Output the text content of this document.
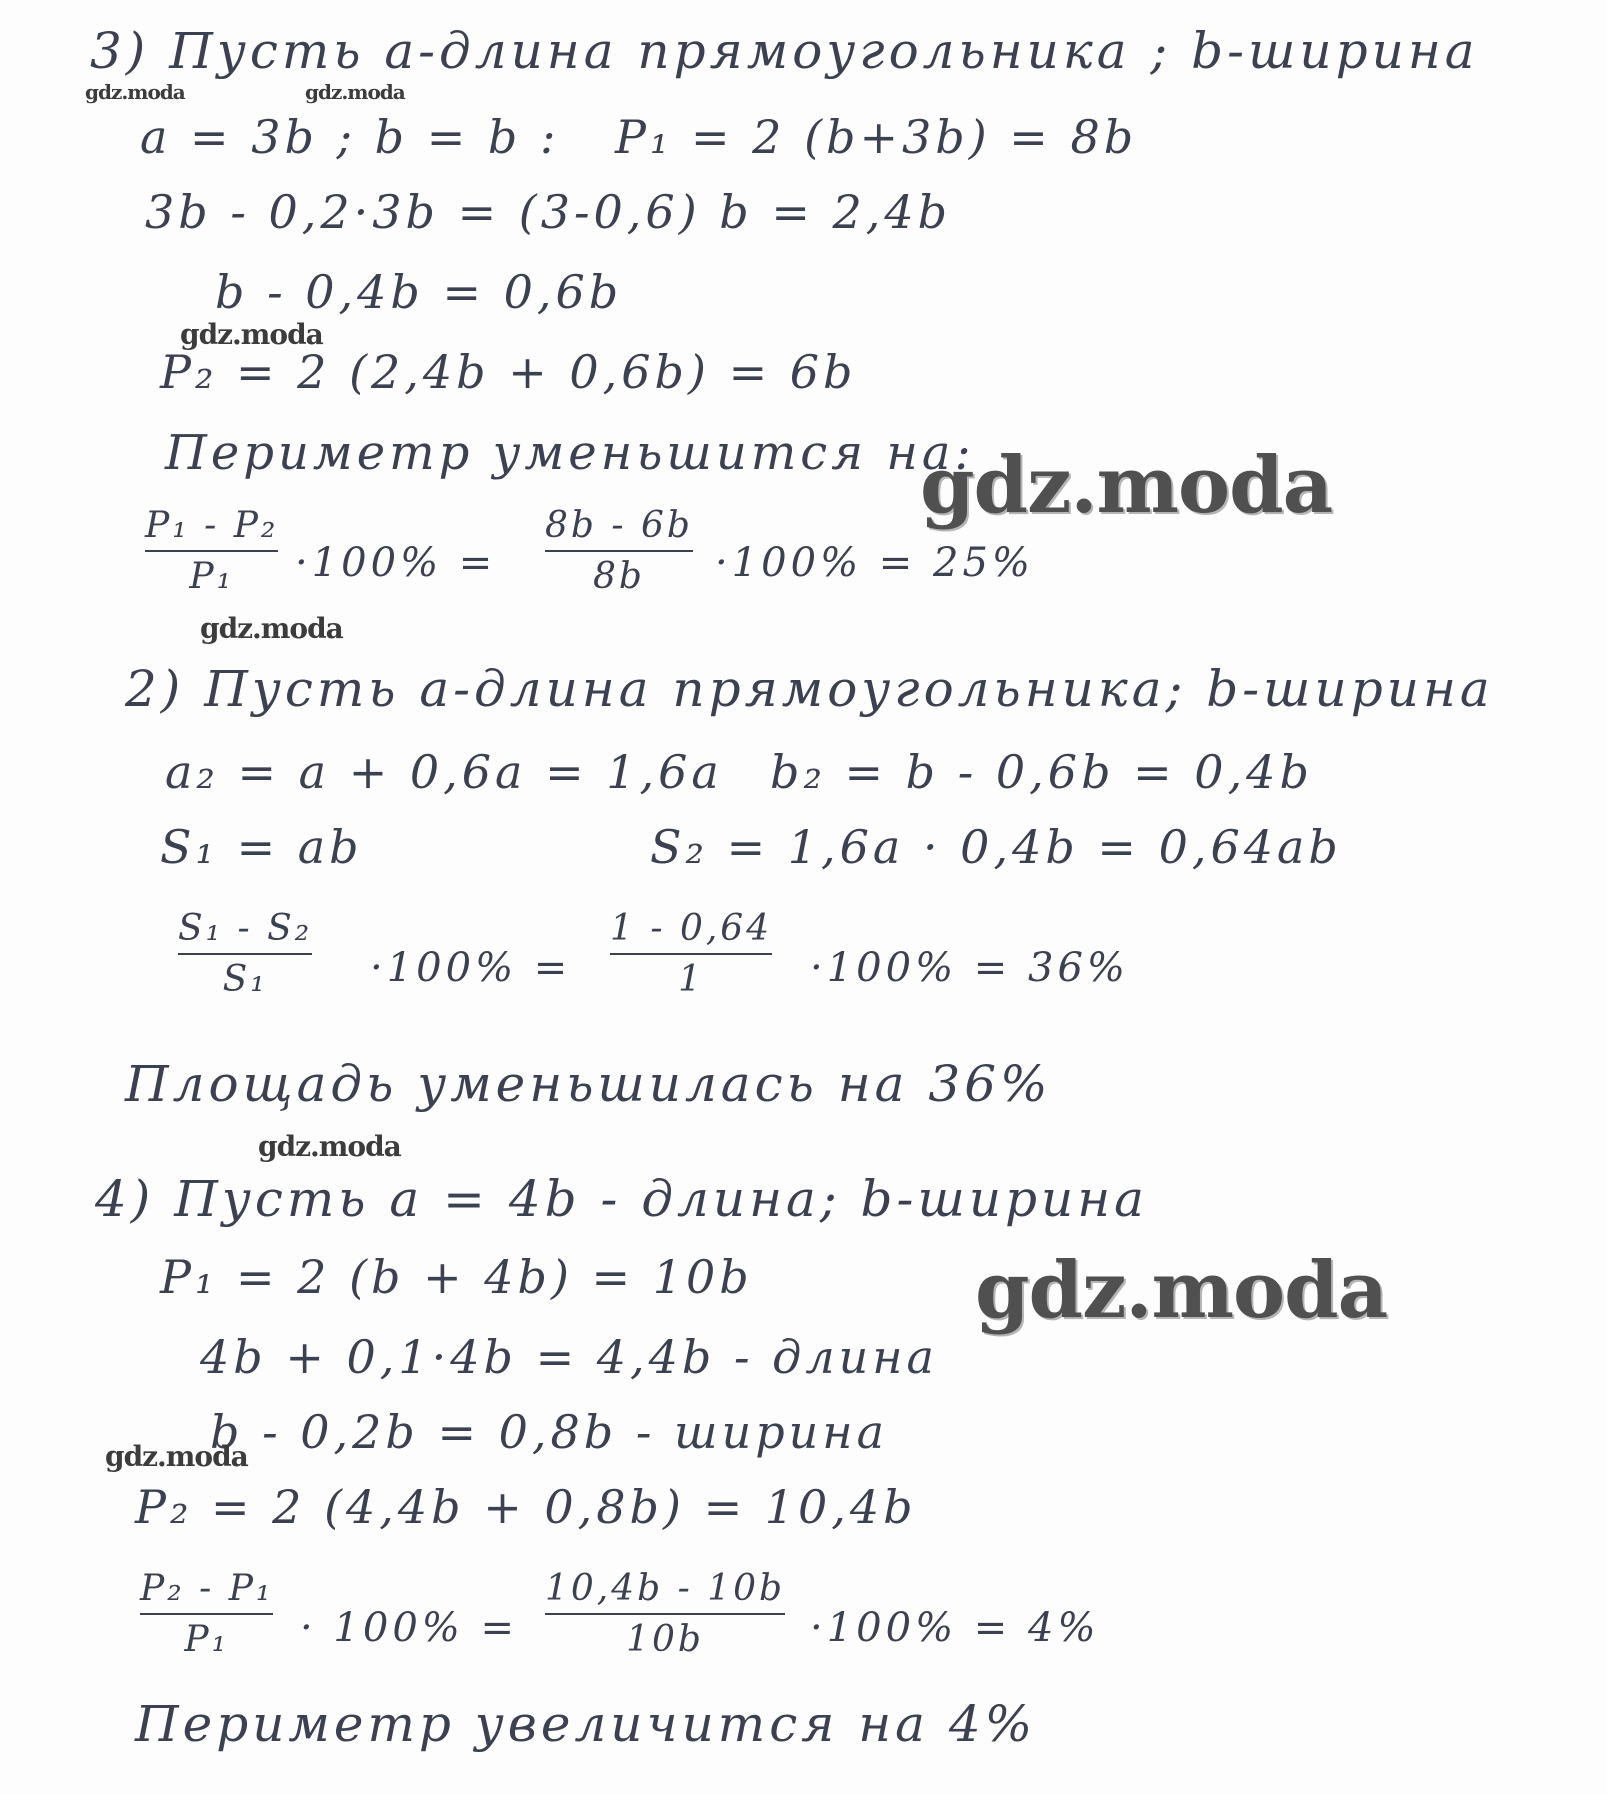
3) Пусть a-длина прямоугольника ; b-ширина
a = 3b ; b = b : P₁ = 2 (b+3b) = 8b
3b - 0,2·3b = (3-0,6) b = 2,4b
b - 0,4b = 0,6b
P₂ = 2 (2,4b + 0,6b) = 6b
Периметр уменьшится на:
P₁ - P₂
P₁ ·100% =
8b - 6b
8b ·100% = 25%
2) Пусть a-длина прямоугольника; b-ширина
a₂ = a + 0,6a = 1,6a b₂ = b - 0,6b = 0,4b
S₁ = ab	S₂ = 1,6a · 0,4b = 0,64ab
S₁ - S₂
S₁	·100% =
1 - 0,64
1	·100% = 36%
Площадь уменьшилась на 36%
4) Пусть a = 4b - длина; b-ширина
P₁ = 2 (b + 4b) = 10b
4b + 0,1·4b = 4,4b - длина
b - 0,2b = 0,8b - ширина
P₂ = 2 (4,4b + 0,8b) = 10,4b
P₂ - P₁
P₁ · 100% =
10,4b - 10b
10b	·100% = 4%
Периметр увеличится на 4%
gdz.moda	gdz.moda
gdz.moda
gdz.moda
gdz.moda
gdz.moda
gdz.moda
gdz.moda
